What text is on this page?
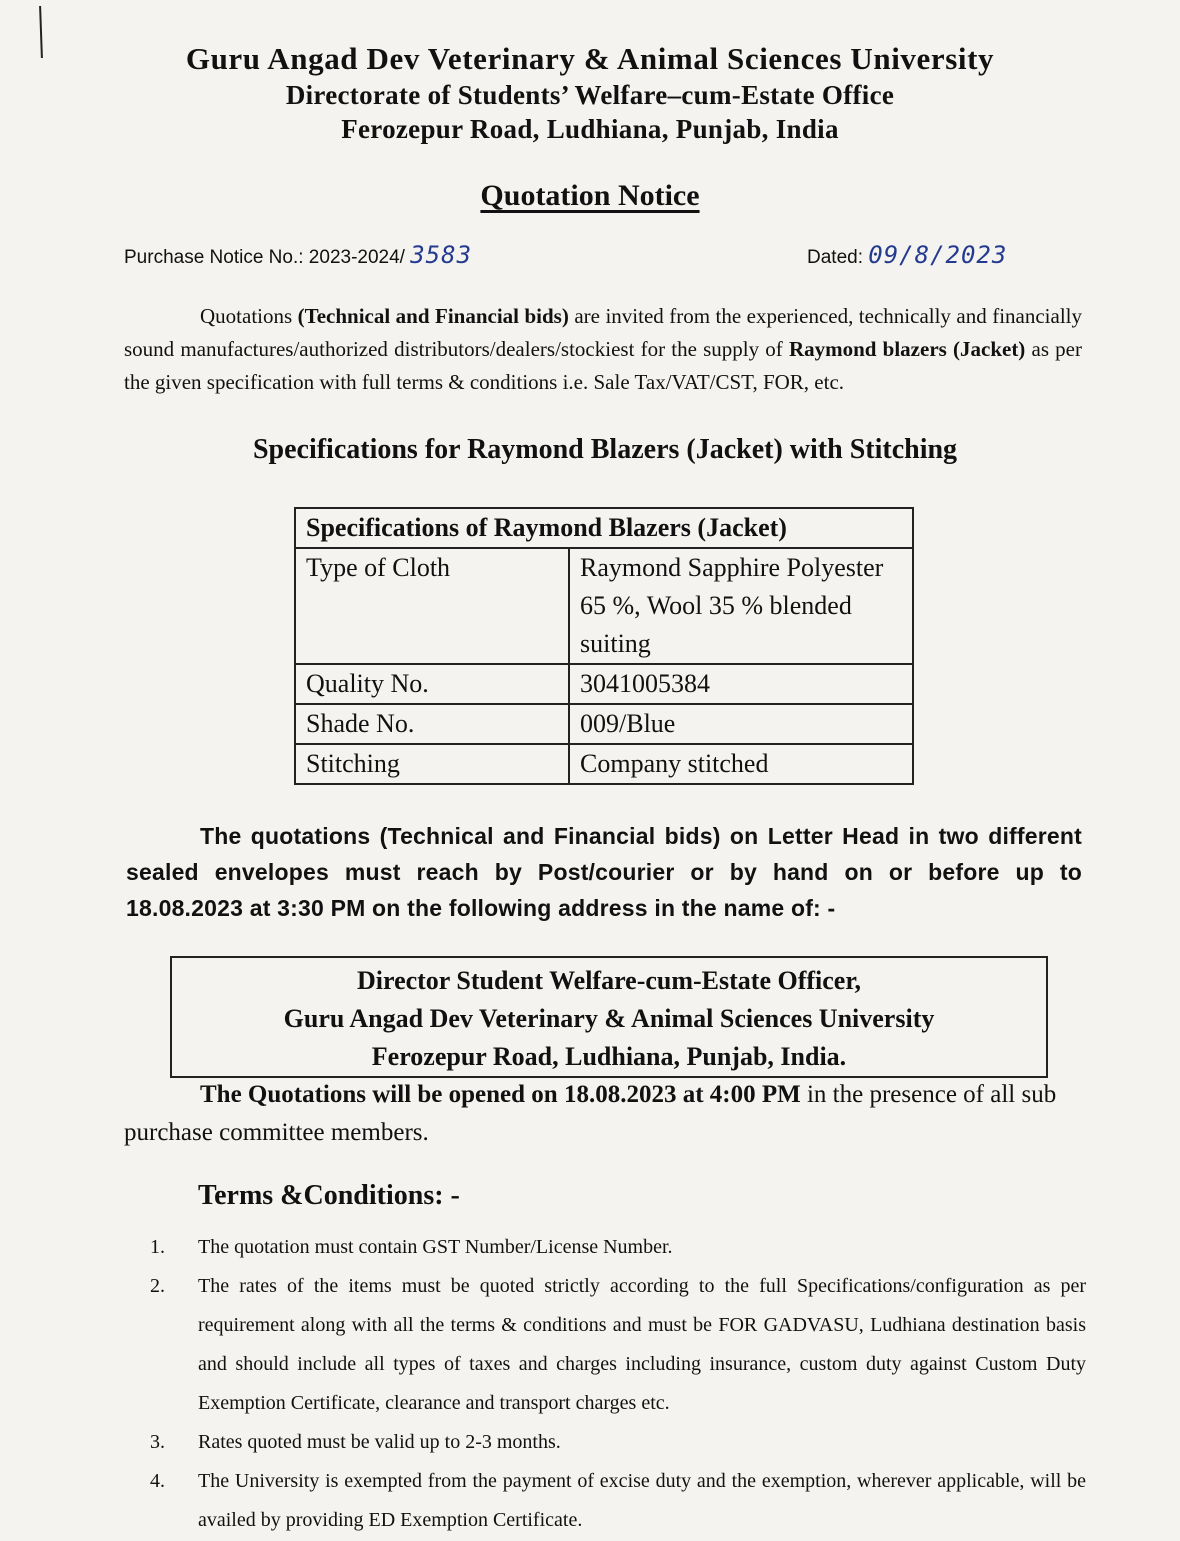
Guru Angad Dev Veterinary & Animal Sciences University
Directorate of Students’ Welfare–cum-Estate Office
Ferozepur Road, Ludhiana, Punjab, India
Quotation Notice
Purchase Notice No.: 2023-2024/ 3583	Dated: 09/8/2023
Quotations (Technical and Financial bids) are invited from the experienced, technically and financially sound manufactures/authorized distributors/dealers/stockiest for the supply of Raymond blazers (Jacket) as per the given specification with full terms & conditions i.e. Sale Tax/VAT/CST, FOR, etc.
Specifications for Raymond Blazers (Jacket) with Stitching
Specifications of Raymond Blazers (Jacket)	
Type of Cloth	Raymond Sapphire Polyester 65 %, Wool 35 % blended suiting
Quality No.	3041005384
Shade No.	009/Blue
Stitching	Company stitched
The quotations (Technical and Financial bids) on Letter Head in two different sealed envelopes must reach by Post/courier or by hand on or before up to 18.08.2023 at 3:30 PM on the following address in the name of: -
Director Student Welfare-cum-Estate Officer,
Guru Angad Dev Veterinary & Animal Sciences University
Ferozepur Road, Ludhiana, Punjab, India.
The Quotations will be opened on 18.08.2023 at 4:00 PM in the presence of all sub purchase committee members.
Terms &Conditions: -
1. The quotation must contain GST Number/License Number.
2. The rates of the items must be quoted strictly according to the full Specifications/configuration as per requirement along with all the terms & conditions and must be FOR GADVASU, Ludhiana destination basis and should include all types of taxes and charges including insurance, custom duty against Custom Duty Exemption Certificate, clearance and transport charges etc.
3. Rates quoted must be valid up to 2-3 months.
4. The University is exempted from the payment of excise duty and the exemption, wherever applicable, will be availed by providing ED Exemption Certificate.
